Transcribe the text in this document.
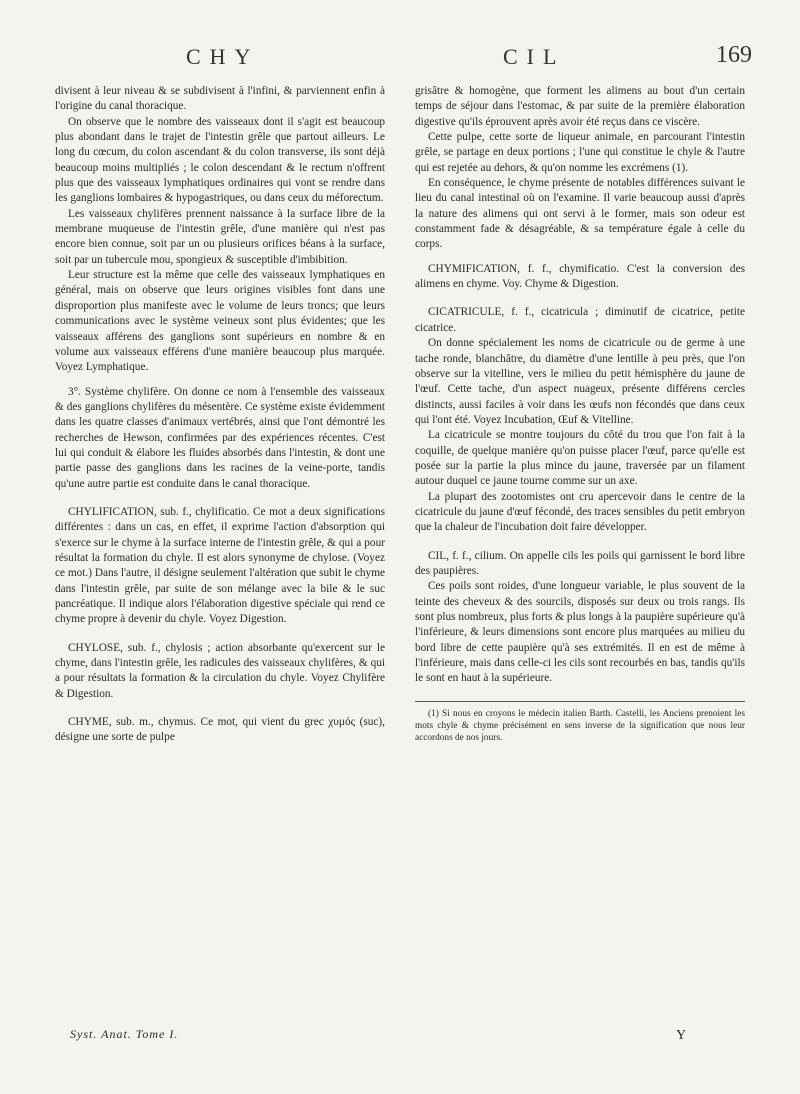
CHY	CIL	169

divisent à leur niveau & se subdivisent à l'infini, & parviennent enfin à l'origine du canal thoracique.

On observe que le nombre des vaisseaux dont il s'agit est beaucoup plus abondant dans le trajet de l'intestin grêle que partout ailleurs. Le long du cœcum, du colon ascendant & du colon transverse, ils sont déjà beaucoup moins multipliés ; le colon descendant & le rectum n'offrent plus que des vaisseaux lymphatiques ordinaires qui vont se rendre dans les ganglions lombaires & hypogastriques, ou dans ceux du méforectum.

Les vaisseaux chylifères prennent naissance à la surface libre de la membrane muqueuse de l'intestin grêle, d'une manière qui n'est pas encore bien connue, soit par un ou plusieurs orifices béans à la surface, soit par un tubercule mou, spongieux & susceptible d'imbibition.

Leur structure est la même que celle des vaisseaux lymphatiques en général, mais on observe que leurs origines visibles font dans une disproportion plus manifeste avec le volume de leurs troncs; que leurs communications avec le système veineux sont plus évidentes; que les vaisseaux afférens des ganglions sont supérieurs en nombre & en volume aux vaisseaux efférens d'une manière beaucoup plus marquée. Voyez Lymphatique.

3°. Système chylifère. On donne ce nom à l'ensemble des vaisseaux & des ganglions chylifères du mésentère. Ce système existe évidemment dans les quatre classes d'animaux vertébrés, ainsi que l'ont démontré les recherches de Hewson, confirmées par des expériences récentes. C'est lui qui conduit & élabore les fluides absorbés dans l'intestin, & dont une partie passe des ganglions dans les racines de la veine-porte, tandis qu'une autre partie est conduite dans le canal thoracique.

CHYLIFICATION, sub. f., chylificatio. Ce mot a deux significations différentes : dans un cas, en effet, il exprime l'action d'absorption qui s'exerce sur le chyme à la surface interne de l'intestin grêle, & qui a pour résultat la formation du chyle. Il est alors synonyme de chylose. (Voyez ce mot.) Dans l'autre, il désigne seulement l'altération que subit le chyme dans l'intestin grêle, par suite de son mélange avec la bile & le suc pancréatique. Il indique alors l'élaboration digestive spéciale qui rend ce chyme propre à devenir du chyle. Voyez Digestion.

CHYLOSE, sub. f., chylosis ; action absorbante qu'exercent sur le chyme, dans l'intestin grêle, les radicules des vaisseaux chylifères, & qui a pour résultats la formation & la circulation du chyle. Voyez Chylifère & Digestion.

CHYME, sub. m., chymus. Ce mot, qui vient du grec χυμός (suc), désigne une sorte de pulpe

grisâtre & homogène, que forment les alimens au bout d'un certain temps de séjour dans l'estomac, & par suite de la première élaboration digestive qu'ils éprouvent après avoir été reçus dans ce viscère.

Cette pulpe, cette sorte de liqueur animale, en parcourant l'intestin grêle, se partage en deux portions ; l'une qui constitue le chyle & l'autre qui est rejetée au dehors, & qu'on nomme les excrémens (1).

En conséquence, le chyme présente de notables différences suivant le lieu du canal intestinal où on l'examine. Il varie beaucoup aussi d'après la nature des alimens qui ont servi à le former, mais son odeur est constamment fade & désagréable, & sa température égale à celle du corps.

CHYMIFICATION, f. f., chymificatio. C'est la conversion des alimens en chyme. Voy. Chyme & Digestion.

CICATRICULE, f. f., cicatricula ; diminutif de cicatrice, petite cicatrice.

On donne spécialement les noms de cicatricule ou de germe à une tache ronde, blanchâtre, du diamètre d'une lentille à peu près, que l'on observe sur la vitelline, vers le milieu du petit hémisphère du jaune de l'œuf. Cette tache, d'un aspect nuageux, présente différens cercles distincts, aussi faciles à voir dans les œufs non fécondés que dans ceux qui l'ont été. Voyez Incubation, Œuf & Vitelline.

La cicatricule se montre toujours du côté du trou que l'on fait à la coquille, de quelque manière qu'on puisse placer l'œuf, parce qu'elle est posée sur la partie la plus mince du jaune, traversée par un filament autour duquel ce jaune tourne comme sur un axe.

La plupart des zootomistes ont cru apercevoir dans le centre de la cicatricule du jaune d'œuf fécondé, des traces sensibles du petit embryon que la chaleur de l'incubation doit faire développer.

CIL, f. f., cilium. On appelle cils les poils qui garnissent le bord libre des paupières.

Ces poils sont roides, d'une longueur variable, le plus souvent de la teinte des cheveux & des sourcils, disposés sur deux ou trois rangs. Ils sont plus nombreux, plus forts & plus longs à la paupière supérieure qu'à l'inférieure, & leurs dimensions sont encore plus marquées au milieu du bord libre de cette paupière qu'à ses extrémités. Il en est de même à l'inférieure, mais dans celle-ci les cils sont recourbés en bas, tandis qu'ils le sont en haut à la supérieure.

(1) Si nous en croyons le médecin italien Barth. Castelli, les Anciens prenoient les mots chyle & chyme précisément en sens inverse de la signification que nous leur accordons de nos jours.

Syst. Anat. Tome I.	Y
